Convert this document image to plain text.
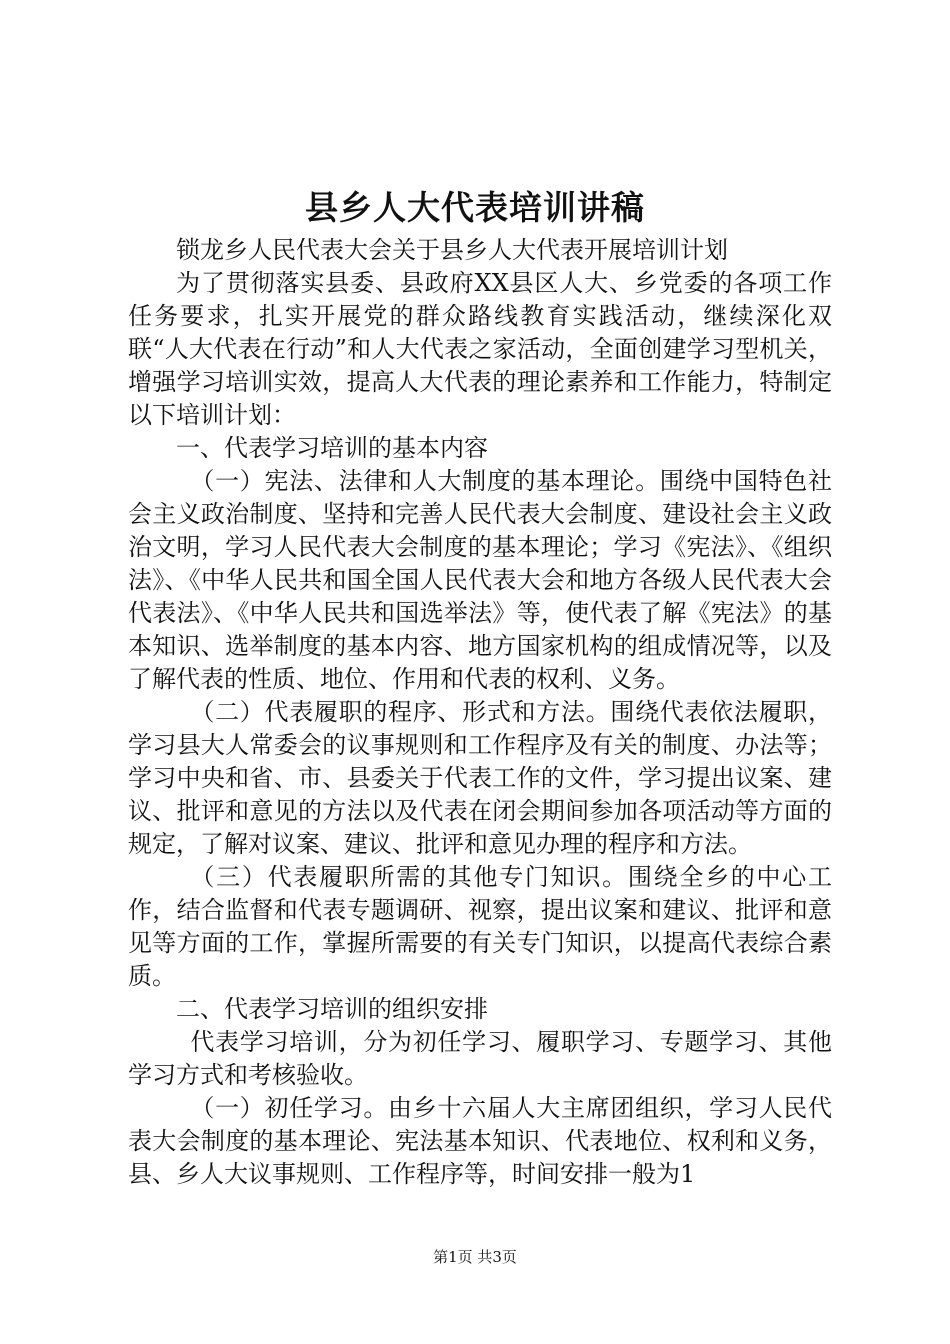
县乡人大代表培训讲稿

锁龙乡人民代表大会关于县乡人大代表开展培训计划

为了贯彻落实县委、县政府XX县区人大、乡党委的各项工作任务要求，扎实开展党的群众路线教育实践活动，继续深化双联“人大代表在行动”和人大代表之家活动，全面创建学习型机关，增强学习培训实效，提高人大代表的理论素养和工作能力，特制定以下培训计划：

一、代表学习培训的基本内容

（一）宪法、法律和人大制度的基本理论。围绕中国特色社会主义政治制度、坚持和完善人民代表大会制度、建设社会主义政治文明，学习人民代表大会制度的基本理论；学习《宪法》、《组织法》、《中华人民共和国全国人民代表大会和地方各级人民代表大会代表法》、《中华人民共和国选举法》等，使代表了解《宪法》的基本知识、选举制度的基本内容、地方国家机构的组成情况等，以及了解代表的性质、地位、作用和代表的权利、义务。

（二）代表履职的程序、形式和方法。围绕代表依法履职，学习县大人常委会的议事规则和工作程序及有关的制度、办法等；学习中央和省、市、县委关于代表工作的文件，学习提出议案、建议、批评和意见的方法以及代表在闭会期间参加各项活动等方面的规定，了解对议案、建议、批评和意见办理的程序和方法。

（三）代表履职所需的其他专门知识。围绕全乡的中心工作，结合监督和代表专题调研、视察，提出议案和建议、批评和意见等方面的工作，掌握所需要的有关专门知识，以提高代表综合素质。

二、代表学习培训的组织安排

代表学习培训，分为初任学习、履职学习、专题学习、其他学习方式和考核验收。

（一）初任学习。由乡十六届人大主席团组织，学习人民代表大会制度的基本理论、宪法基本知识、代表地位、权利和义务，县、乡人大议事规则、工作程序等，时间安排一般为1

第1页 共3页
